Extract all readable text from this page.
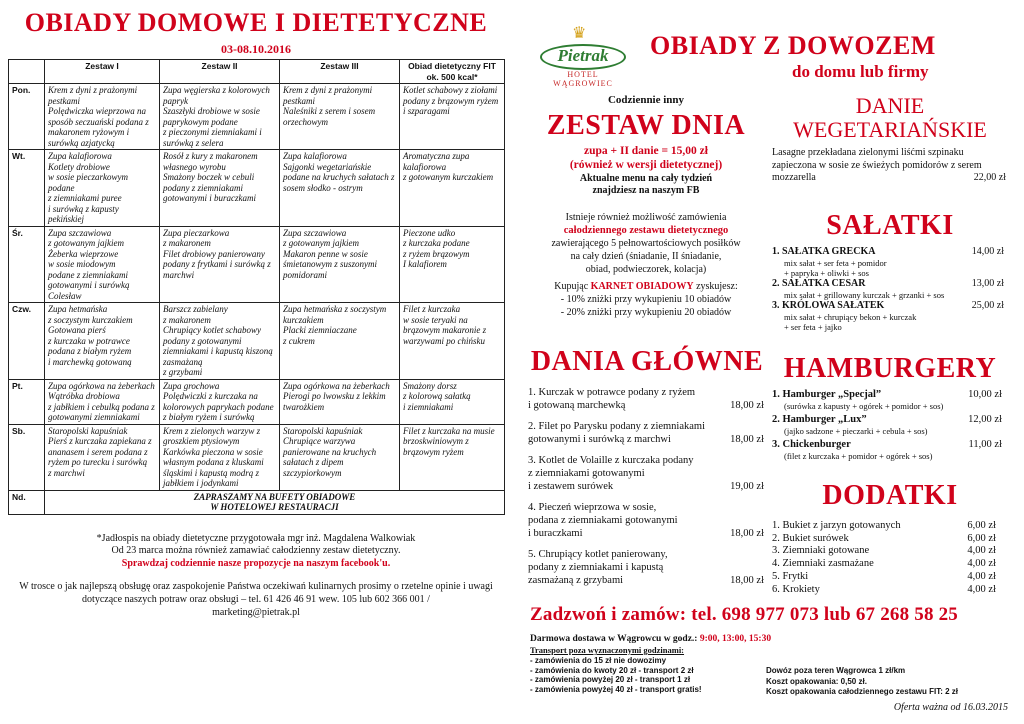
OBIADY DOMOWE I DIETETYCZNE
03-08.10.2016
	Zestaw I	Zestaw II	Zestaw III	Obiad dietetyczny FIT
ok. 500 kcal*
Pon.	Krem z dyni z prażonymi pestkami
Polędwiczka wieprzowa na sposób seczuański podana z makaronem ryżowym i surówką azjatycką	Zupa węgierska z kolorowych papryk
Szaszłyki drobiowe w sosie paprykowym podane
z pieczonymi ziemniakami i surówką z selera	Krem z dyni z prażonymi pestkami
Naleśniki z serem i sosem orzechowym	Kotlet schabowy z ziołami podany z brązowym ryżem
i szparagami
Wt.	Zupa kalafiorowa
Kotlety drobiowe
w sosie pieczarkowym podane
z ziemniakami puree
i surówką z kapusty pekińskiej	Rosół z kury z makaronem
własnego wyrobu
Smażony boczek w cebuli podany z ziemniakami gotowanymi i buraczkami	Zupa kalafiorowa
Sajgonki wegetariańskie podane na kruchych sałatach z sosem słodko - ostrym	Aromatyczna zupa kalafiorowa
z gotowanym kurczakiem
Śr.	Zupa szczawiowa
z gotowanym jajkiem
Żeberka wieprzowe
w sosie miodowym
podane z ziemniakami gotowanymi i surówką Colesław	Zupa pieczarkowa
z makaronem
Filet drobiowy panierowany podany z frytkami i surówką z marchwi	Zupa szczawiowa
z gotowanym jajkiem
Makaron penne w sosie śmietanowym z suszonymi pomidorami	Pieczone udko
z kurczaka podane
z ryżem brązowym
I kalafiorem
Czw.	Zupa hetmańska
z soczystym kurczakiem
Gotowana pierś
z kurczaka w potrawce podana z białym ryżem
i marchewką gotowaną	Barszcz zabielany
z makaronem
Chrupiący kotlet schabowy podany z gotowanymi ziemniakami i kapustą kiszoną zasmażaną
z grzybami	Zupa hetmańska z soczystym kurczakiem
Placki ziemniaczane
z cukrem	Filet z kurczaka
w sosie teryaki na brązowym makaronie z warzywami po chińsku
Pt.	Zupa ogórkowa na żeberkach
Wątróbka drobiowa
z jabłkiem i cebulką podana z gotowanymi ziemniakami	Zupa grochowa
Polędwiczki z kurczaka na kolorowych paprykach podane z białym ryżem i surówką	Zupa ogórkowa na żeberkach
Pierogi po lwowsku z lekkim twarożkiem	Smażony dorsz
z kolorową sałatką
i ziemniakami
Sb.	Staropolski kapuśniak
Pierś z kurczaka zapiekana z ananasem i serem podana z ryżem po turecku i surówką
z marchwi	Krem z zielonych warzyw z groszkiem ptysiowym
Karkówka pieczona w sosie własnym podana z kluskami śląskimi i kapustą modrą z jabłkiem i jodynkami	Staropolski kapuśniak
Chrupiące warzywa panierowane na kruchych sałatach z dipem szczypiorkowym	Filet z kurczaka na musie brzoskwiniowym z brązowym ryżem
Nd.	ZAPRASZAMY NA BUFETY OBIADOWE
W HOTELOWEJ RESTAURACJI			

*Jadłospis na obiady dietetyczne przygotowała mgr inż. Magdalena Walkowiak

Od 23 marca można również zamawiać całodzienny zestaw dietetyczny.

Sprawdzaj codziennie nasze propozycje na naszym facebook'u.

W trosce o jak najlepszą obsługę oraz zaspokojenie Państwa oczekiwań kulinarnych prosimy o rzetelne opinie i uwagi dotyczące naszych potraw oraz obsługi – tel. 61 426 46 91 wew. 105 lub 602 366 001 /
marketing@pietrak.pl
♛
Pietrak
HOTEL
WĄGROWIEC
OBIADY Z DOWOZEM
do domu lub firmy
Codziennie inny
ZESTAW DNIA
zupa + II danie = 15,00 zł
(również w wersji dietetycznej)
Aktualne menu na cały tydzień
znajdziesz na naszym FB
Istnieje również możliwość zamówienia
całodziennego zestawu dietetycznego
zawierającego 5 pełnowartościowych posiłków
na cały dzień (śniadanie, II śniadanie,
obiad, podwieczorek, kolacja)
Kupując KARNET OBIADOWY zyskujesz:
- 10% zniżki przy wykupieniu 10 obiadów
- 20% zniżki przy wykupieniu 20 obiadów
DANIE
WEGETARIAŃSKIE
Lasagne przekładana zielonymi liśćmi szpinaku zapieczona w sosie ze świeżych pomidorów z serem mozzarella	22,00 zł
SAŁATKI
1. SAŁATKA GRECKA	14,00 zł
mix sałat + ser feta + pomidor
+ papryka + oliwki + sos
2. SAŁATKA CESAR	13,00 zł
mix sałat + grillowany kurczak + grzanki + sos
3. KRÓLOWA SAŁATEK	25,00 zł
mix sałat + chrupiący bekon + kurczak
+ ser feta + jajko
DANIA GŁÓWNE
1. Kurczak w potrawce podany z ryżem
i gotowaną marchewką	18,00 zł
2. Filet po Parysku podany z ziemniakami
gotowanymi i surówką z marchwi	18,00 zł
3. Kotlet de Volaille z kurczaka podany
z ziemniakami gotowanymi
i zestawem surówek	19,00 zł
4. Pieczeń wieprzowa w sosie,
podana z ziemniakami gotowanymi
i buraczkami	18,00 zł
5. Chrupiący kotlet panierowany,
podany z ziemniakami i kapustą
zasmażaną z grzybami	18,00 zł
HAMBURGERY
1. Hamburger „Specjal”	10,00 zł
(surówka z kapusty + ogórek + pomidor + sos)
2. Hamburger „Lux”	12,00 zł
(jajko sadzone + pieczarki + cebula + sos)
3. Chickenburger	11,00 zł
(filet z kurczaka + pomidor + ogórek + sos)
DODATKI
1. Bukiet z jarzyn gotowanych	6,00 zł
2. Bukiet surówek	6,00 zł
3. Ziemniaki gotowane	4,00 zł
4. Ziemniaki zasmażane	4,00 zł
5. Frytki	4,00 zł
6. Krokiety	4,00 zł
Zadzwoń i zamów: tel. 698 977 073 lub 67 268 58 25
Darmowa dostawa w Wągrowcu w godz.: 9:00, 13:00, 15:30
Transport poza wyznaczonymi godzinami:
- zamówienia do 15 zł nie dowozimy
- zamówienia do kwoty 20 zł - transport 2 zł
- zamówienia powyżej 20 zł - transport 1 zł
- zamówienia powyżej 40 zł - transport gratis!
Dowóz poza teren Wągrowca 1 zł/km
Koszt opakowania: 0,50 zł.
Koszt opakowania całodziennego zestawu FIT: 2 zł
Oferta ważna od 16.03.2015
